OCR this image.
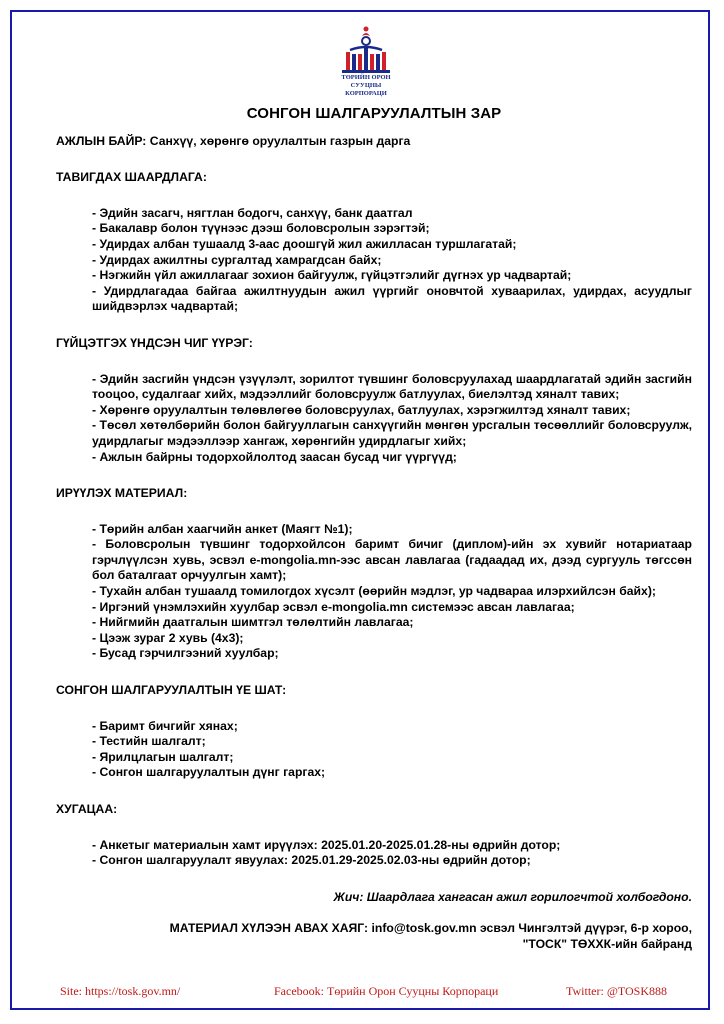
ТӨРИЙН ОРОН СУУЦНЫ
КОРПОРАЦИ
СОНГОН ШАЛГАРУУЛАЛТЫН ЗАР
АЖЛЫН БАЙР: Санхүү, хөрөнгө оруулалтын газрын дарга
ТАВИГДАХ ШААРДЛАГА:
- Эдийн засагч, нягтлан бодогч, санхүү, банк даатгал
- Бакалавр болон түүнээс дээш боловсролын зэрэгтэй;
- Удирдах албан тушаалд 3-аас доошгүй жил ажилласан туршлагатай;
- Удирдах ажилтны сургалтад хамрагдсан байх;
- Нэгжийн үйл ажиллагааг зохион байгуулж, гүйцэтгэлийг дүгнэх ур чадвартай;
- Удирдлагадаа байгаа ажилтнуудын ажил үүргийг оновчтой хуваарилах, удирдах, асуудлыг шийдвэрлэх чадвартай;
ГҮЙЦЭТГЭХ ҮНДСЭН ЧИГ ҮҮРЭГ:
- Эдийн засгийн үндсэн үзүүлэлт, зорилтот түвшинг боловсруулахад шаардлагатай эдийн засгийн тооцоо, судалгааг хийх, мэдээллийг боловсруулж батлуулах, биелэлтэд хяналт тавих;
- Хөрөнгө оруулалтын төлөвлөгөө боловсруулах, батлуулах, хэрэгжилтэд хяналт тавих;
- Төсөл хөтөлбөрийн болон байгууллагын санхүүгийн мөнгөн урсгалын төсөөллийг боловсруулж, удирдлагыг мэдээллээр хангаж, хөрөнгийн удирдлагыг хийх;
- Ажлын байрны тодорхойлолтод заасан бусад чиг үүргүүд;
ИРҮҮЛЭХ МАТЕРИАЛ:
- Төрийн албан хаагчийн анкет (Маягт №1);
- Боловсролын түвшинг тодорхойлсон баримт бичиг (диплом)-ийн эх хувийг нотариатаар гэрчлүүлсэн хувь, эсвэл e-mongolia.mn-ээс авсан лавлагаа (гадаадад их, дээд сургууль төгссөн бол баталгаат орчуулгын хамт);
- Тухайн албан тушаалд томилогдох хүсэлт (өөрийн мэдлэг, ур чадвараа илэрхийлсэн байх);
- Иргэний үнэмлэхийн хуулбар эсвэл e-mongolia.mn системээс авсан лавлагаа;
- Нийгмийн даатгалын шимтгэл төлөлтийн лавлагаа;
- Цээж зураг 2 хувь (4x3);
- Бусад гэрчилгээний хуулбар;
СОНГОН ШАЛГАРУУЛАЛТЫН ҮЕ ШАТ:
- Баримт бичгийг хянах;
- Тестийн шалгалт;
- Ярилцлагын шалгалт;
- Сонгон шалгаруулалтын дүнг гаргах;
ХУГАЦАА:
- Анкетыг материалын хамт ирүүлэх: 2025.01.20-2025.01.28-ны өдрийн дотор;
- Сонгон шалгаруулалт явуулах: 2025.01.29-2025.02.03-ны өдрийн дотор;
Жич: Шаардлага хангасан ажил горилогчтой холбогдоно.
МАТЕРИАЛ ХҮЛЭЭН АВАХ ХАЯГ: info@tosk.gov.mn эсвэл Чингэлтэй дүүрэг, 6-р хороо,
"ТОСК" ТӨХХК-ийн байранд
Site: https://tosk.gov.mn/	Facebook: Төрийн Орон Сууцны Корпораци	Twitter: @TOSK888
